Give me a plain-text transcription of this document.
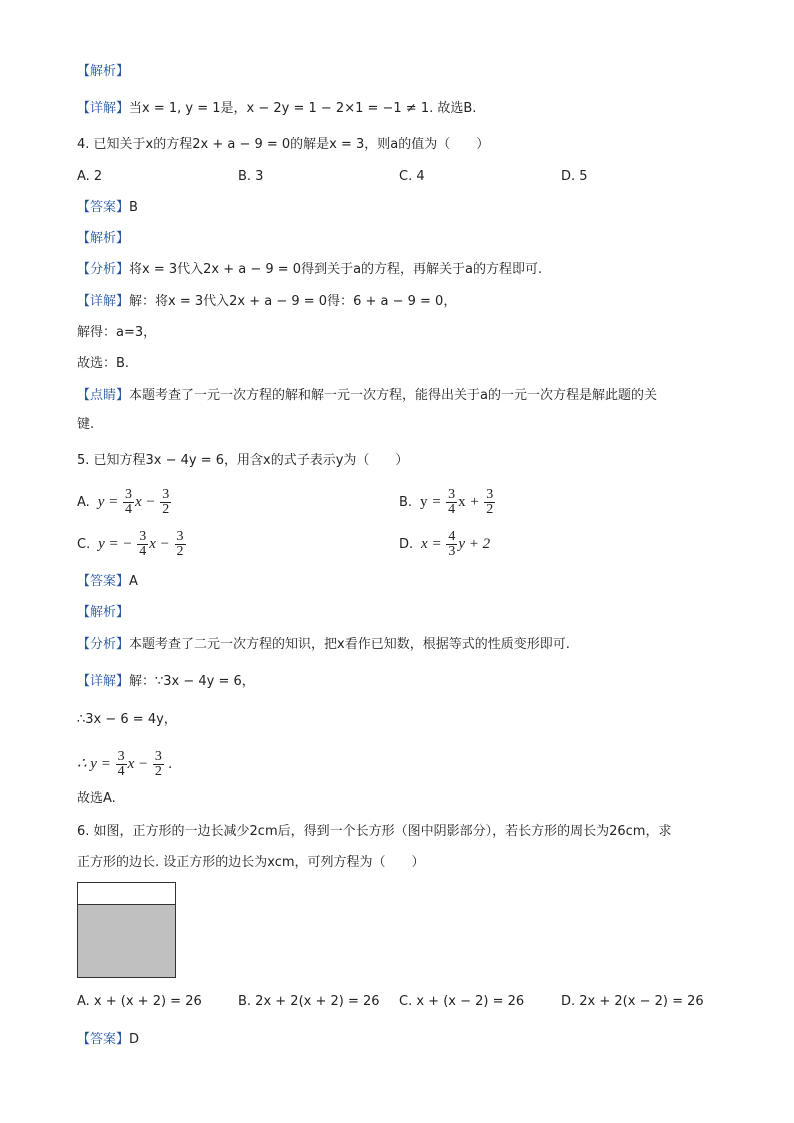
【解析】
【详解】当x = 1, y = 1是，x − 2y = 1 − 2×1 = −1 ≠ 1. 故选B.
4. 已知关于x的方程2x + a − 9 = 0的解是x = 3，则a的值为（　　）
A. 2	B. 3	C. 4	D. 5
【答案】B
【解析】
【分析】将x = 3代入2x + a − 9 = 0得到关于a的方程，再解关于a的方程即可.
【详解】解：将x = 3代入2x + a − 9 = 0得：6 + a − 9 = 0，
解得：a=3，
故选：B.
【点睛】本题考查了一元一次方程的解和解一元一次方程，能得出关于a的一元一次方程是解此题的关
键.
5. 已知方程3x − 4y = 6，用含x的式子表示y为（　　）
A.  $y = \frac{3}{4}$ $x - \frac{3}{2}$	B. $y = \frac{3}{4}$ $x + \frac{3}{2}$
C.  y = − $\frac{3}{4}$ $x - \frac{3}{2}$	D.  $x = \frac{4}{3}$ y + 2
【答案】A
【解析】
【分析】本题考查了二元一次方程的知识，把x看作已知数，根据等式的性质变形即可.
【详解】解：∵3x − 4y = 6，
∴3x − 6 = 4y，
∴ $y = \frac{3}{4}$ $x - \frac{3}{2}$ .
故选A.
6. 如图，正方形的一边长减少2cm后，得到一个长方形（图中阴影部分），若长方形的周长为26cm，求
正方形的边长. 设正方形的边长为xcm，可列方程为（　　）
A. x + (x + 2) = 26	B. 2x + 2(x + 2) = 26 C. x + (x − 2) = 26	D. 2x + 2(x − 2) = 26
【答案】D
